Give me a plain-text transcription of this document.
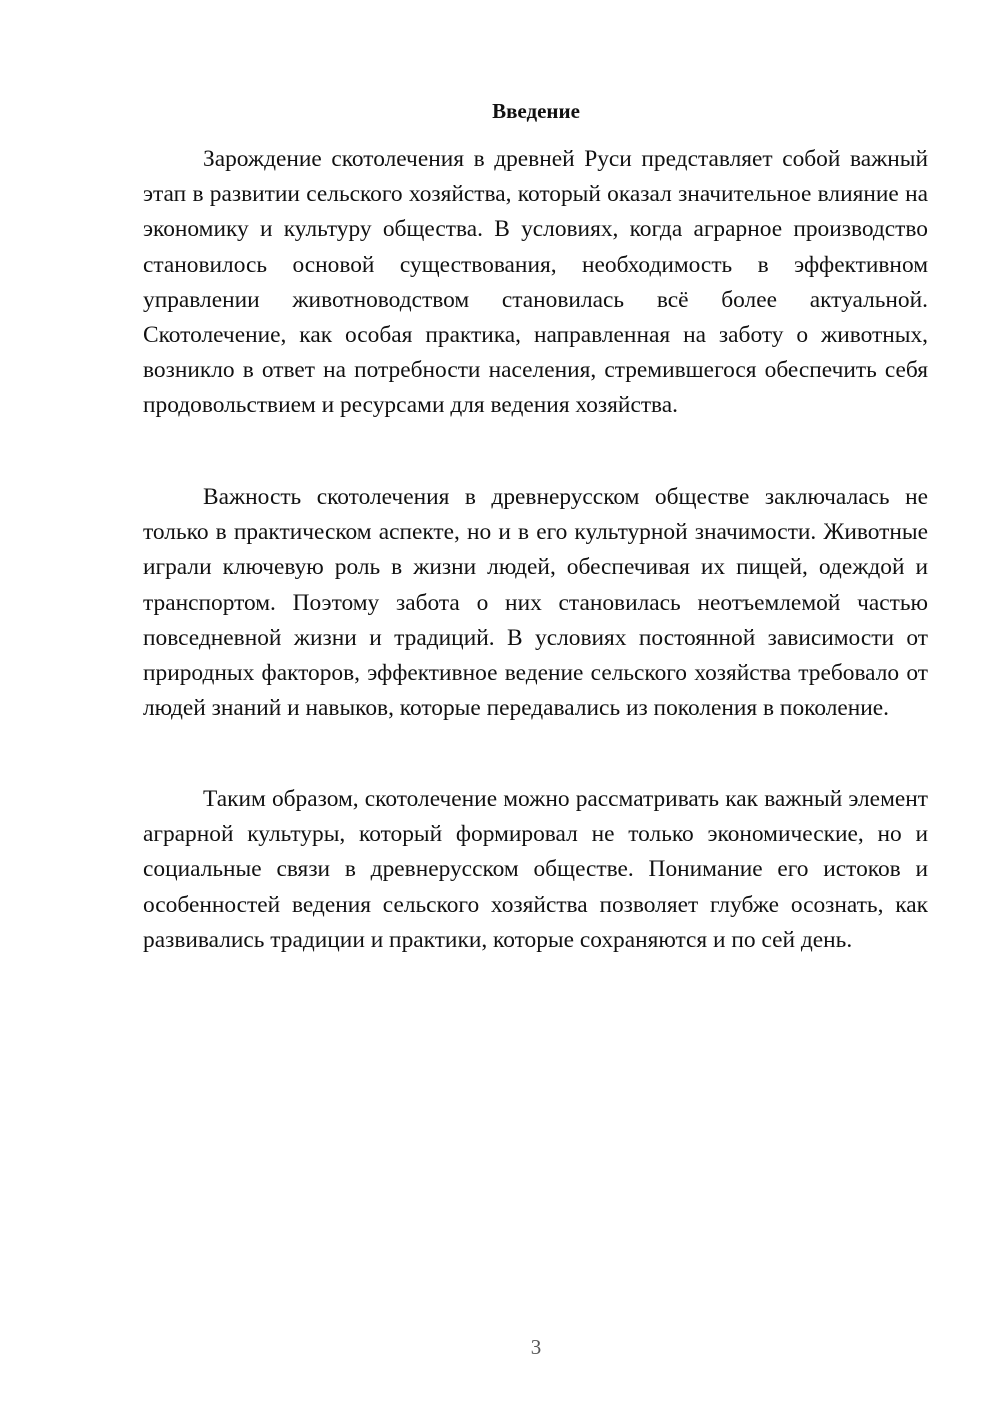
Введение

Зарождение скотолечения в древней Руси представляет собой важный этап в развитии сельского хозяйства, который оказал значительное влияние на экономику и культуру общества. В условиях, когда аграрное производство становилось основой существования, необходимость в эффективном управлении животноводством становилась всё более актуальной. Скотолечение, как особая практика, направленная на заботу о животных, возникло в ответ на потребности населения, стремившегося обеспечить себя продовольствием и ресурсами для ведения хозяйства.

Важность скотолечения в древнерусском обществе заключалась не только в практическом аспекте, но и в его культурной значимости. Животные играли ключевую роль в жизни людей, обеспечивая их пищей, одеждой и транспортом. Поэтому забота о них становилась неотъемлемой частью повседневной жизни и традиций. В условиях постоянной зависимости от природных факторов, эффективное ведение сельского хозяйства требовало от людей знаний и навыков, которые передавались из поколения в поколение.

Таким образом, скотолечение можно рассматривать как важный элемент аграрной культуры, который формировал не только экономические, но и социальные связи в древнерусском обществе. Понимание его истоков и особенностей ведения сельского хозяйства позволяет глубже осознать, как развивались традиции и практики, которые сохраняются и по сей день.

3
